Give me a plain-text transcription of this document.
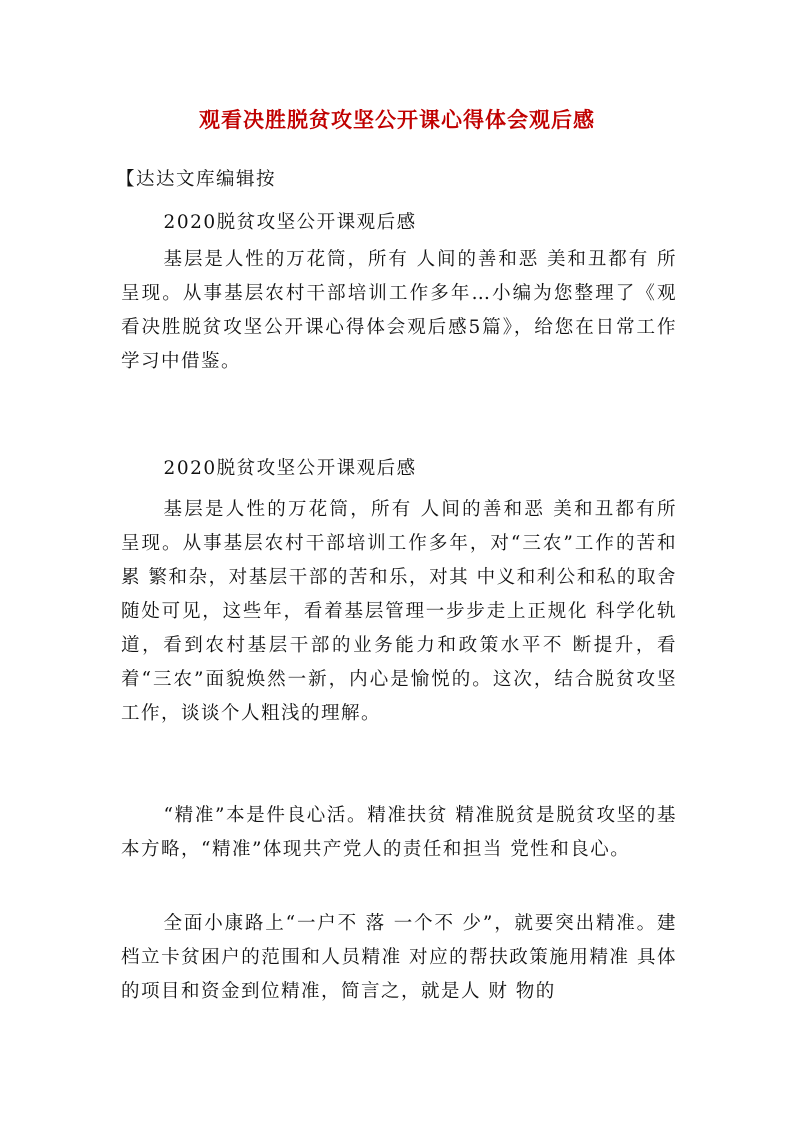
观看决胜脱贫攻坚公开课心得体会观后感

【达达文库编辑按

2020脱贫攻坚公开课观后感

基层是人性的万花筒，所有 人间的善和恶 美和丑都有 所呈现。从事基层农村干部培训工作多年…小编为您整理了《观看决胜脱贫攻坚公开课心得体会观后感5篇》，给您在日常工作学习中借鉴。

2020脱贫攻坚公开课观后感

基层是人性的万花筒，所有 人间的善和恶 美和丑都有所呈现。从事基层农村干部培训工作多年，对“三农”工作的苦和累 繁和杂，对基层干部的苦和乐，对其 中义和利公和私的取舍随处可见，这些年，看着基层管理一步步走上正规化 科学化轨道，看到农村基层干部的业务能力和政策水平不 断提升，看着“三农”面貌焕然一新，内心是愉悦的。这次，结合脱贫攻坚工作，谈谈个人粗浅的理解。

“精准”本是件良心活。精准扶贫 精准脱贫是脱贫攻坚的基本方略，“精准”体现共产党人的责任和担当 党性和良心。

全面小康路上“一户不 落 一个不 少”，就要突出精准。建档立卡贫困户的范围和人员精准 对应的帮扶政策施用精准 具体的项目和资金到位精准，简言之，就是人 财 物的
